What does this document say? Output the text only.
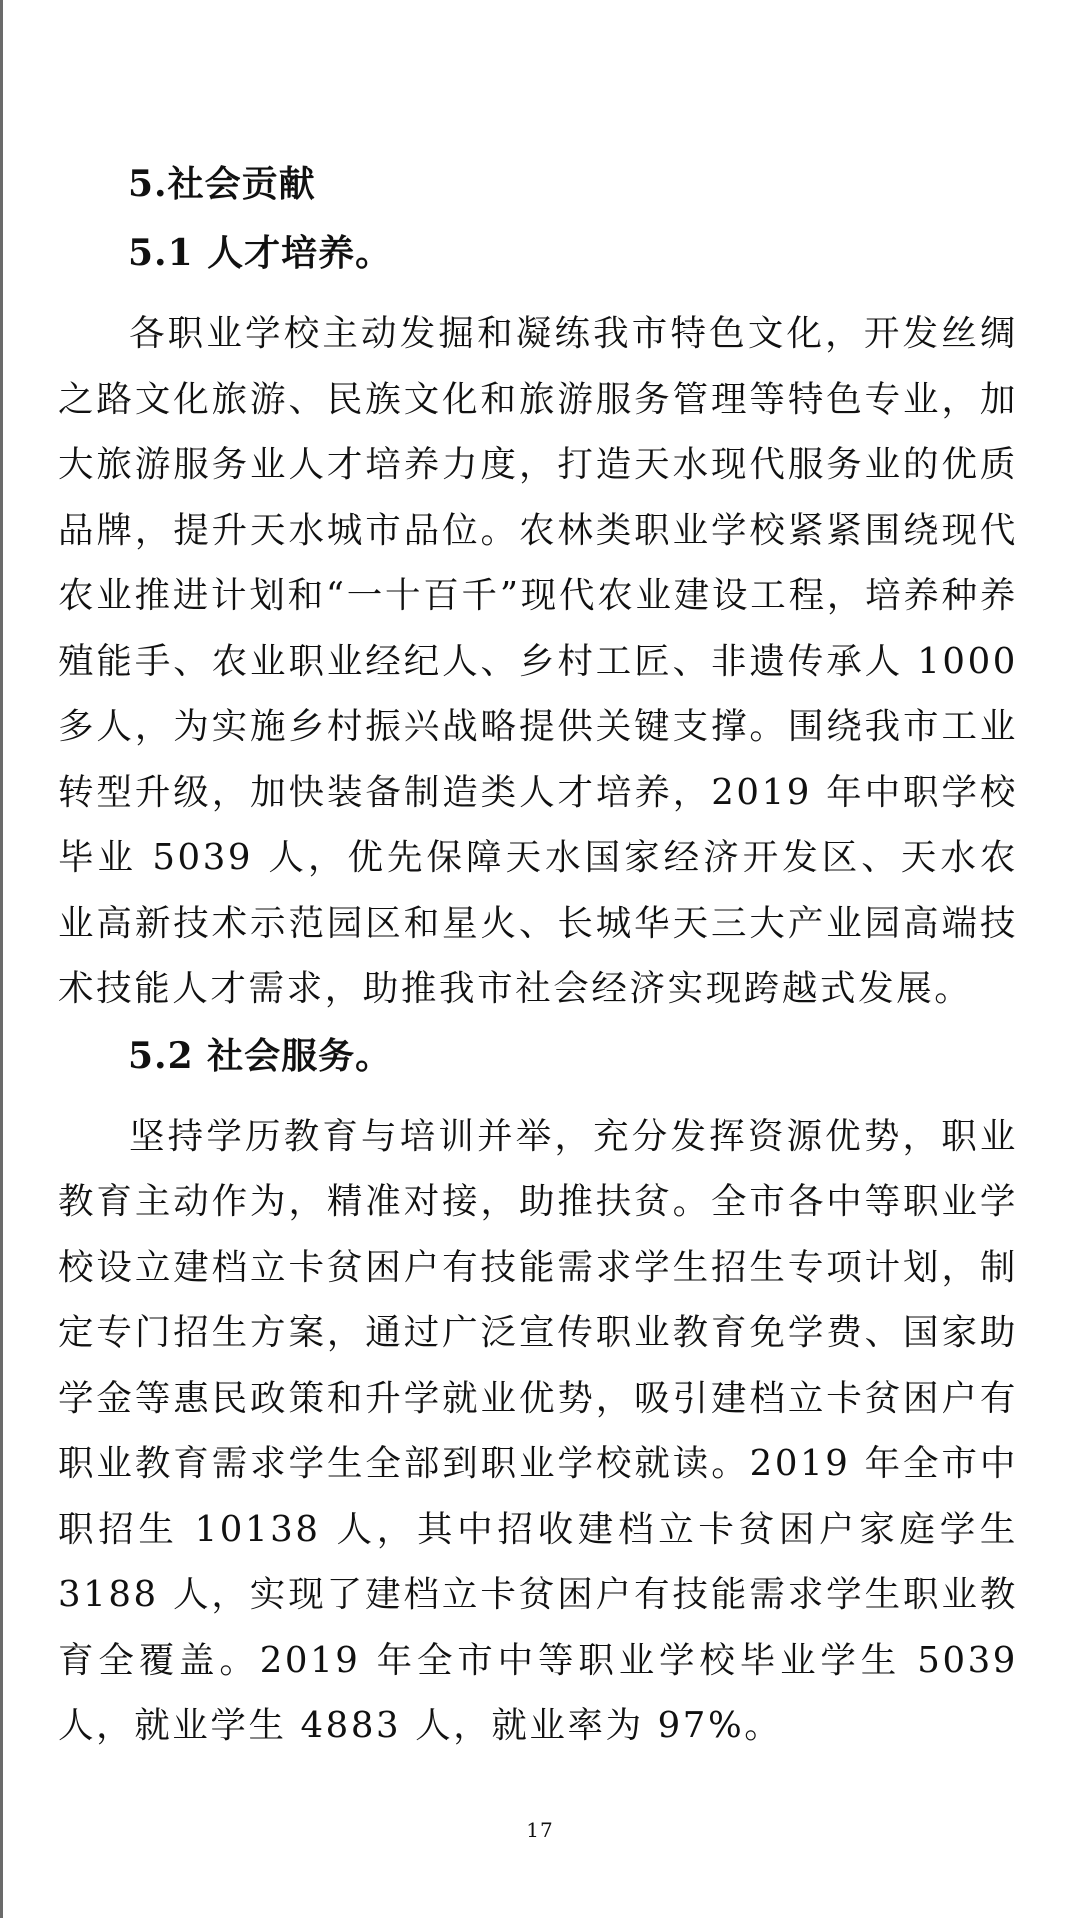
5.社会贡献
5.1 人才培养。

各职业学校主动发掘和凝练我市特色文化，开发丝绸之路文化旅游、民族文化和旅游服务管理等特色专业，加大旅游服务业人才培养力度，打造天水现代服务业的优质品牌，提升天水城市品位。农林类职业学校紧紧围绕现代农业推进计划和“一十百千”现代农业建设工程，培养种养殖能手、农业职业经纪人、乡村工匠、非遗传承人 1000 多人，为实施乡村振兴战略提供关键支撑。围绕我市工业转型升级，加快装备制造类人才培养，2019 年中职学校毕业 5039 人，优先保障天水国家经济开发区、天水农业高新技术示范园区和星火、长城华天三大产业园高端技术技能人才需求，助推我市社会经济实现跨越式发展。

5.2 社会服务。

坚持学历教育与培训并举，充分发挥资源优势，职业教育主动作为，精准对接，助推扶贫。全市各中等职业学校设立建档立卡贫困户有技能需求学生招生专项计划，制定专门招生方案，通过广泛宣传职业教育免学费、国家助学金等惠民政策和升学就业优势，吸引建档立卡贫困户有职业教育需求学生全部到职业学校就读。2019 年全市中职招生 10138 人，其中招收建档立卡贫困户家庭学生 3188 人，实现了建档立卡贫困户有技能需求学生职业教育全覆盖。2019 年全市中等职业学校毕业学生 5039 人，就业学生 4883 人，就业率为 97%。

17
